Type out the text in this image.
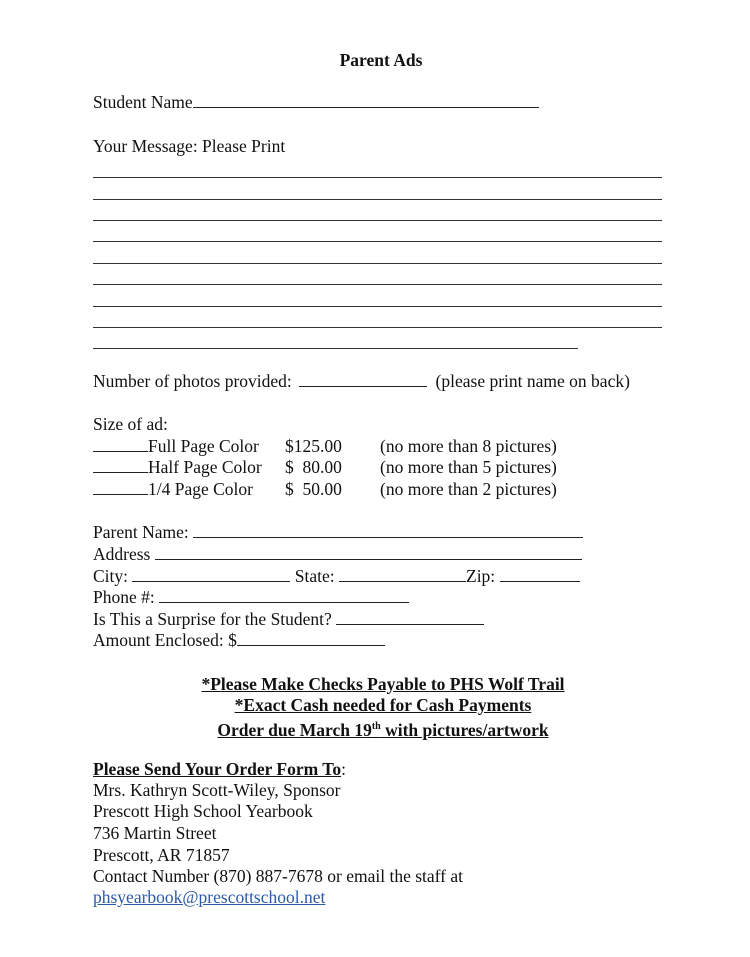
Parent Ads
Student Name
Your Message: Please Print
Number of photos provided:	(please print name on back)
Size of ad:
Full Page Color $125.00 (no more than 8 pictures)
Half Page Color $  80.00 (no more than 5 pictures)
1/4 Page Color $  50.00 (no more than 2 pictures)
Parent Name:
Address
City:	State:	Zip:
Phone #:
Is This a Surprise for the Student?
Amount Enclosed: $
*Please Make Checks Payable to PHS Wolf Trail
*Exact Cash needed for Cash Payments
Order due March 19th with pictures/artwork
Please Send Your Order Form To:
Mrs. Kathryn Scott-Wiley, Sponsor
Prescott High School Yearbook
736 Martin Street
Prescott, AR 71857
Contact Number (870) 887-7678 or email the staff at
phsyearbook@prescottschool.net
